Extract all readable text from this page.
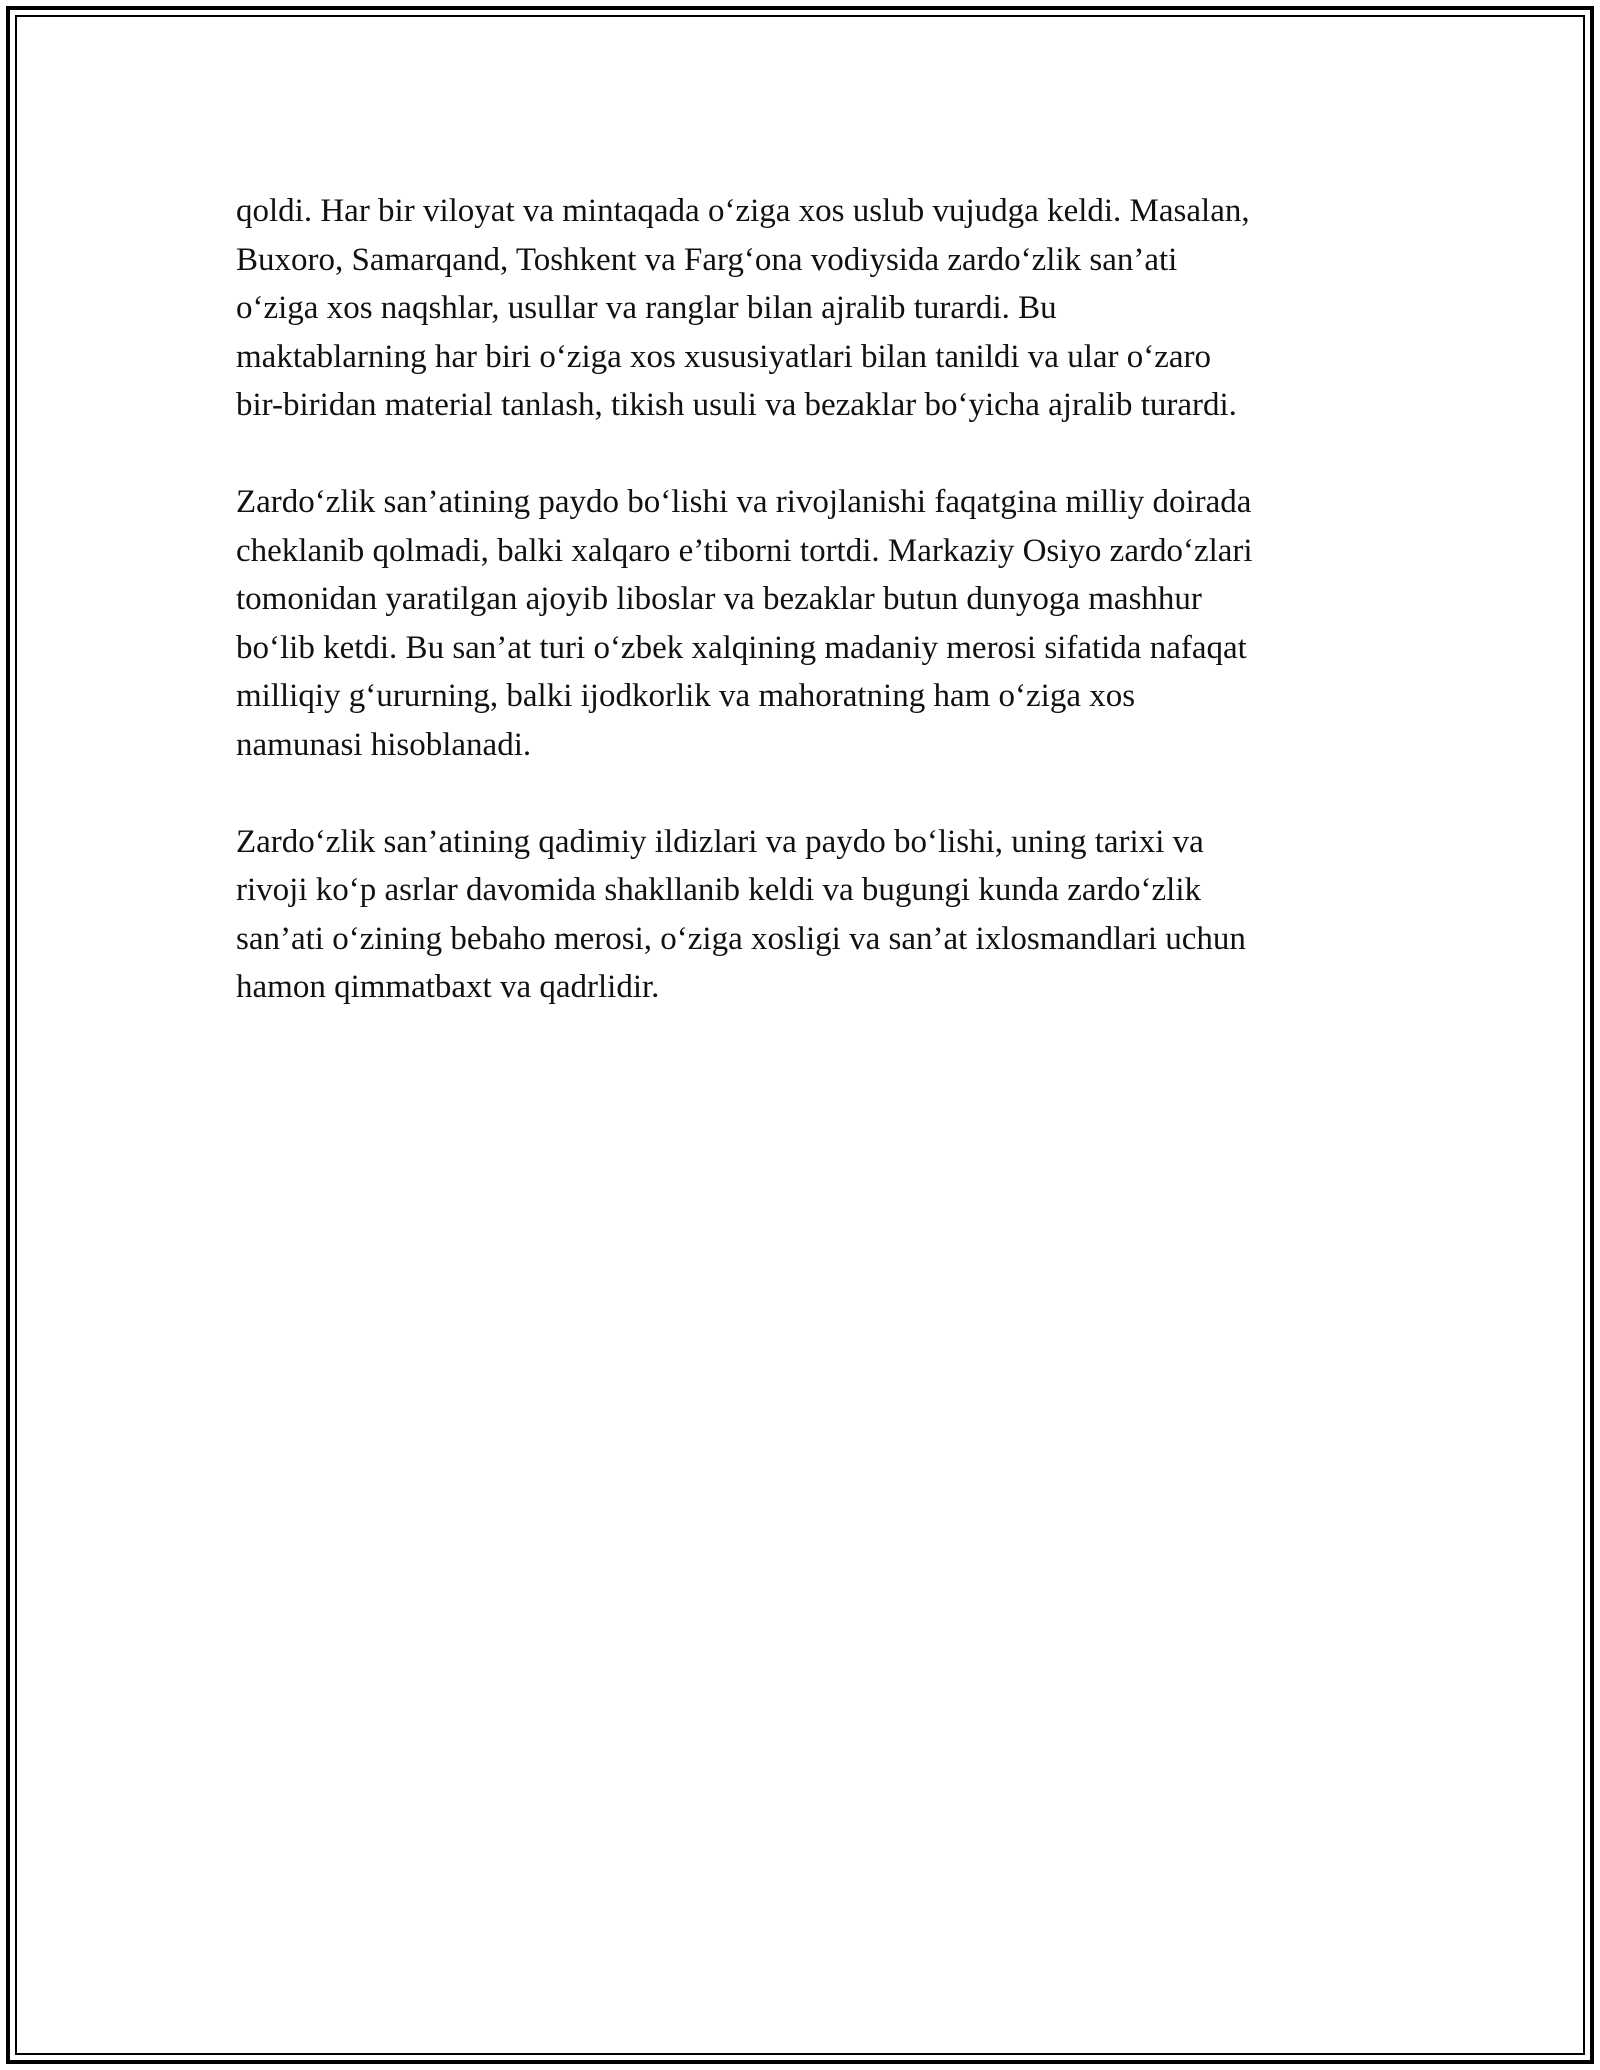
qoldi. Har bir viloyat va mintaqada o‘ziga xos uslub vujudga keldi. Masalan,
Buxoro, Samarqand, Toshkent va Farg‘ona vodiysida zardo‘zlik san’ati
o‘ziga xos naqshlar, usullar va ranglar bilan ajralib turardi. Bu
maktablarning har biri o‘ziga xos xususiyatlari bilan tanildi va ular o‘zaro
bir-biridan material tanlash, tikish usuli va bezaklar bo‘yicha ajralib turardi.

Zardo‘zlik san’atining paydo bo‘lishi va rivojlanishi faqatgina milliy doirada
cheklanib qolmadi, balki xalqaro e’tiborni tortdi. Markaziy Osiyo zardo‘zlari
tomonidan yaratilgan ajoyib liboslar va bezaklar butun dunyoga mashhur
bo‘lib ketdi. Bu san’at turi o‘zbek xalqining madaniy merosi sifatida nafaqat
milliqiy g‘ururning, balki ijodkorlik va mahoratning ham o‘ziga xos
namunasi hisoblanadi.

Zardo‘zlik san’atining qadimiy ildizlari va paydo bo‘lishi, uning tarixi va
rivoji ko‘p asrlar davomida shakllanib keldi va bugungi kunda zardo‘zlik
san’ati o‘zining bebaho merosi, o‘ziga xosligi va san’at ixlosmandlari uchun
hamon qimmatbaxt va qadrlidir.
